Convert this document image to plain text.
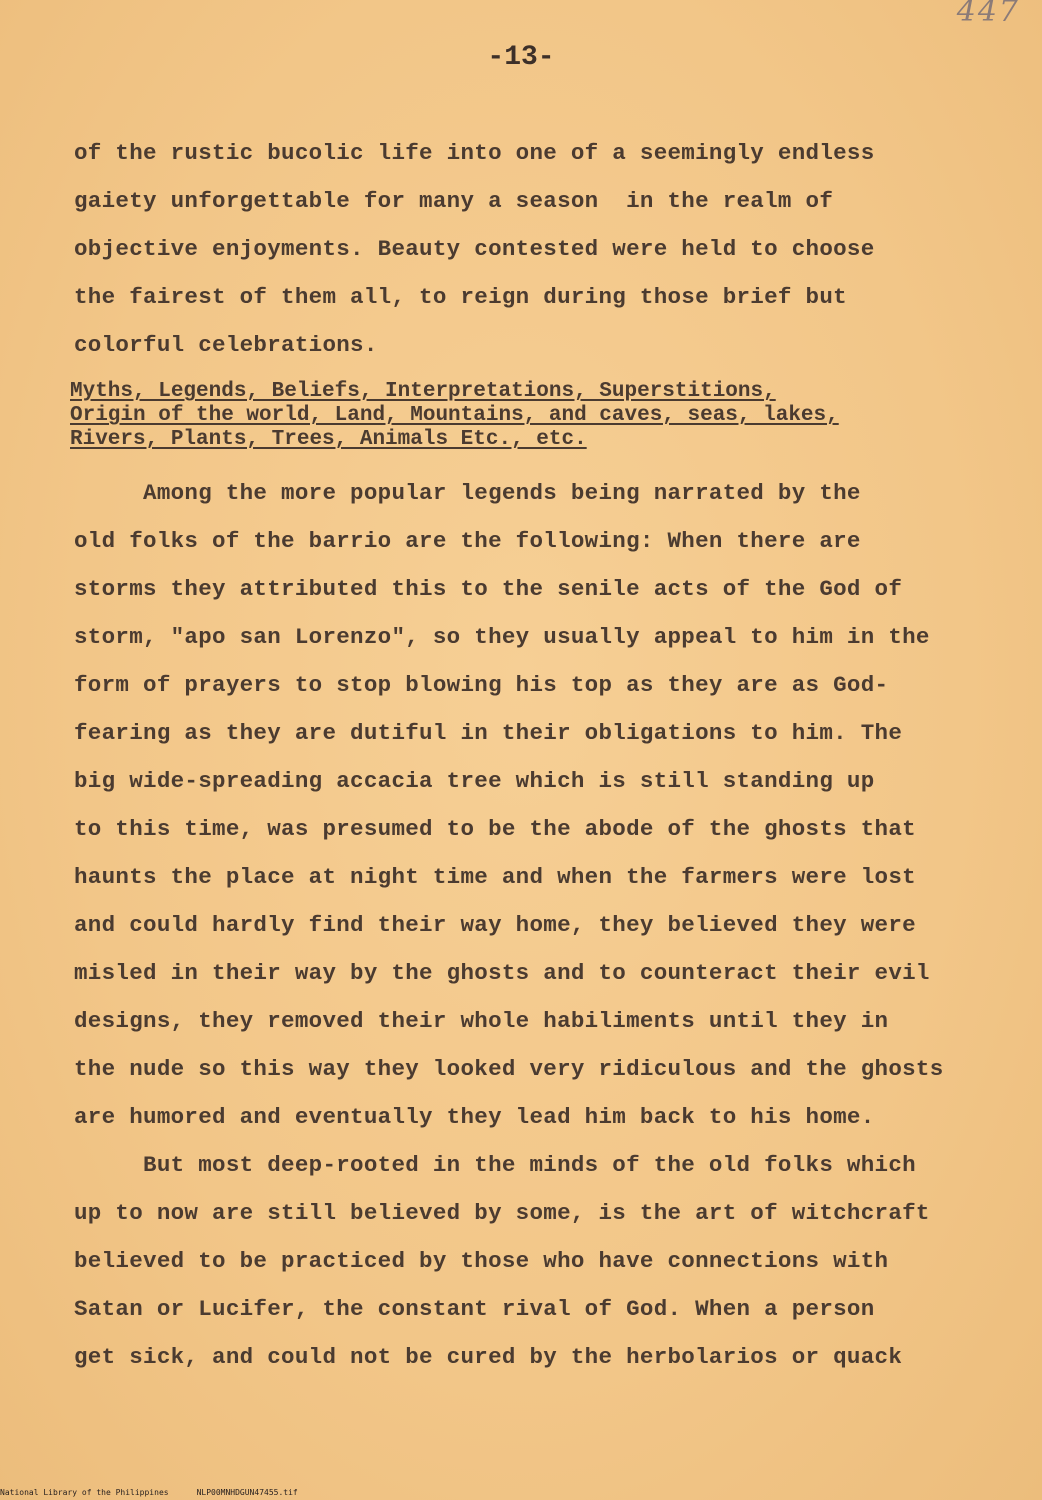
447
-13-
of the rustic bucolic life into one of a seemingly endless
gaiety unforgettable for many a season  in the realm of
objective enjoyments. Beauty contested were held to choose
the fairest of them all, to reign during those brief but
colorful celebrations.
Myths, Legends, Beliefs, Interpretations, Superstitions,
Origin of the world, Land, Mountains, and caves, seas, lakes,
Rivers, Plants, Trees, Animals Etc., etc.
Among the more popular legends being narrated by the
old folks of the barrio are the following: When there are
storms they attributed this to the senile acts of the God of
storm, "apo san Lorenzo", so they usually appeal to him in the
form of prayers to stop blowing his top as they are as God-
fearing as they are dutiful in their obligations to him. The
big wide-spreading accacia tree which is still standing up
to this time, was presumed to be the abode of the ghosts that
haunts the place at night time and when the farmers were lost
and could hardly find their way home, they believed they were
misled in their way by the ghosts and to counteract their evil
designs, they removed their whole habiliments until they in
the nude so this way they looked very ridiculous and the ghosts
are humored and eventually they lead him back to his home.
But most deep-rooted in the minds of the old folks which
up to now are still believed by some, is the art of witchcraft
believed to be practiced by those who have connections with
Satan or Lucifer, the constant rival of God. When a person
get sick, and could not be cured by the herbolarios or quack
National Library of the Philippines	NLP00MNHDGUN47455.tif
